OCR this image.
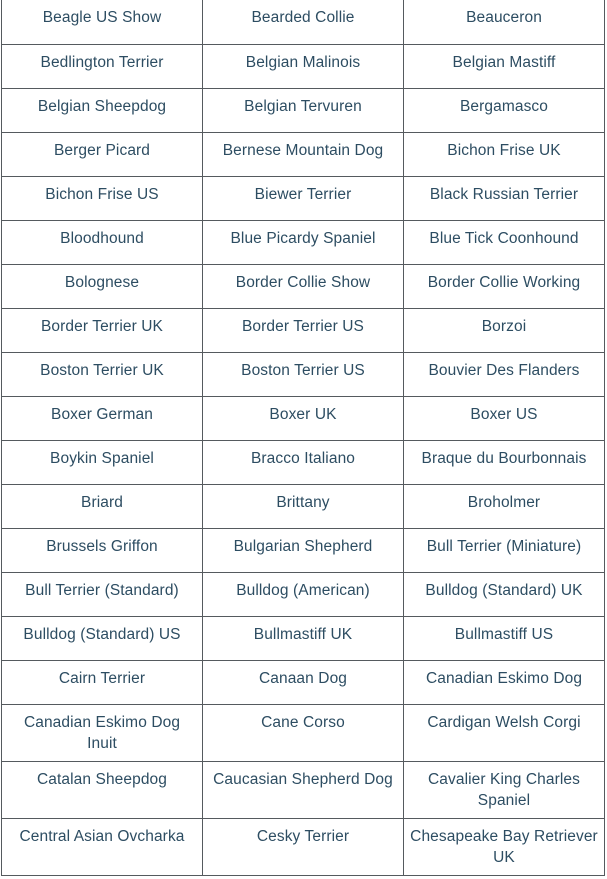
Beagle US Show	Bearded Collie	Beauceron
Bedlington Terrier	Belgian Malinois	Belgian Mastiff
Belgian Sheepdog	Belgian Tervuren	Bergamasco
Berger Picard	Bernese Mountain Dog	Bichon Frise UK
Bichon Frise US	Biewer Terrier	Black Russian Terrier
Bloodhound	Blue Picardy Spaniel	Blue Tick Coonhound
Bolognese	Border Collie Show	Border Collie Working
Border Terrier UK	Border Terrier US	Borzoi
Boston Terrier UK	Boston Terrier US	Bouvier Des Flanders
Boxer German	Boxer UK	Boxer US
Boykin Spaniel	Bracco Italiano	Braque du Bourbonnais
Briard	Brittany	Broholmer
Brussels Griffon	Bulgarian Shepherd	Bull Terrier (Miniature)
Bull Terrier (Standard)	Bulldog (American)	Bulldog (Standard) UK
Bulldog (Standard) US	Bullmastiff UK	Bullmastiff US
Cairn Terrier	Canaan Dog	Canadian Eskimo Dog
Canadian Eskimo Dog Inuit	Cane Corso	Cardigan Welsh Corgi
Catalan Sheepdog	Caucasian Shepherd Dog	Cavalier King Charles Spaniel
Central Asian Ovcharka	Cesky Terrier	Chesapeake Bay Retriever UK
